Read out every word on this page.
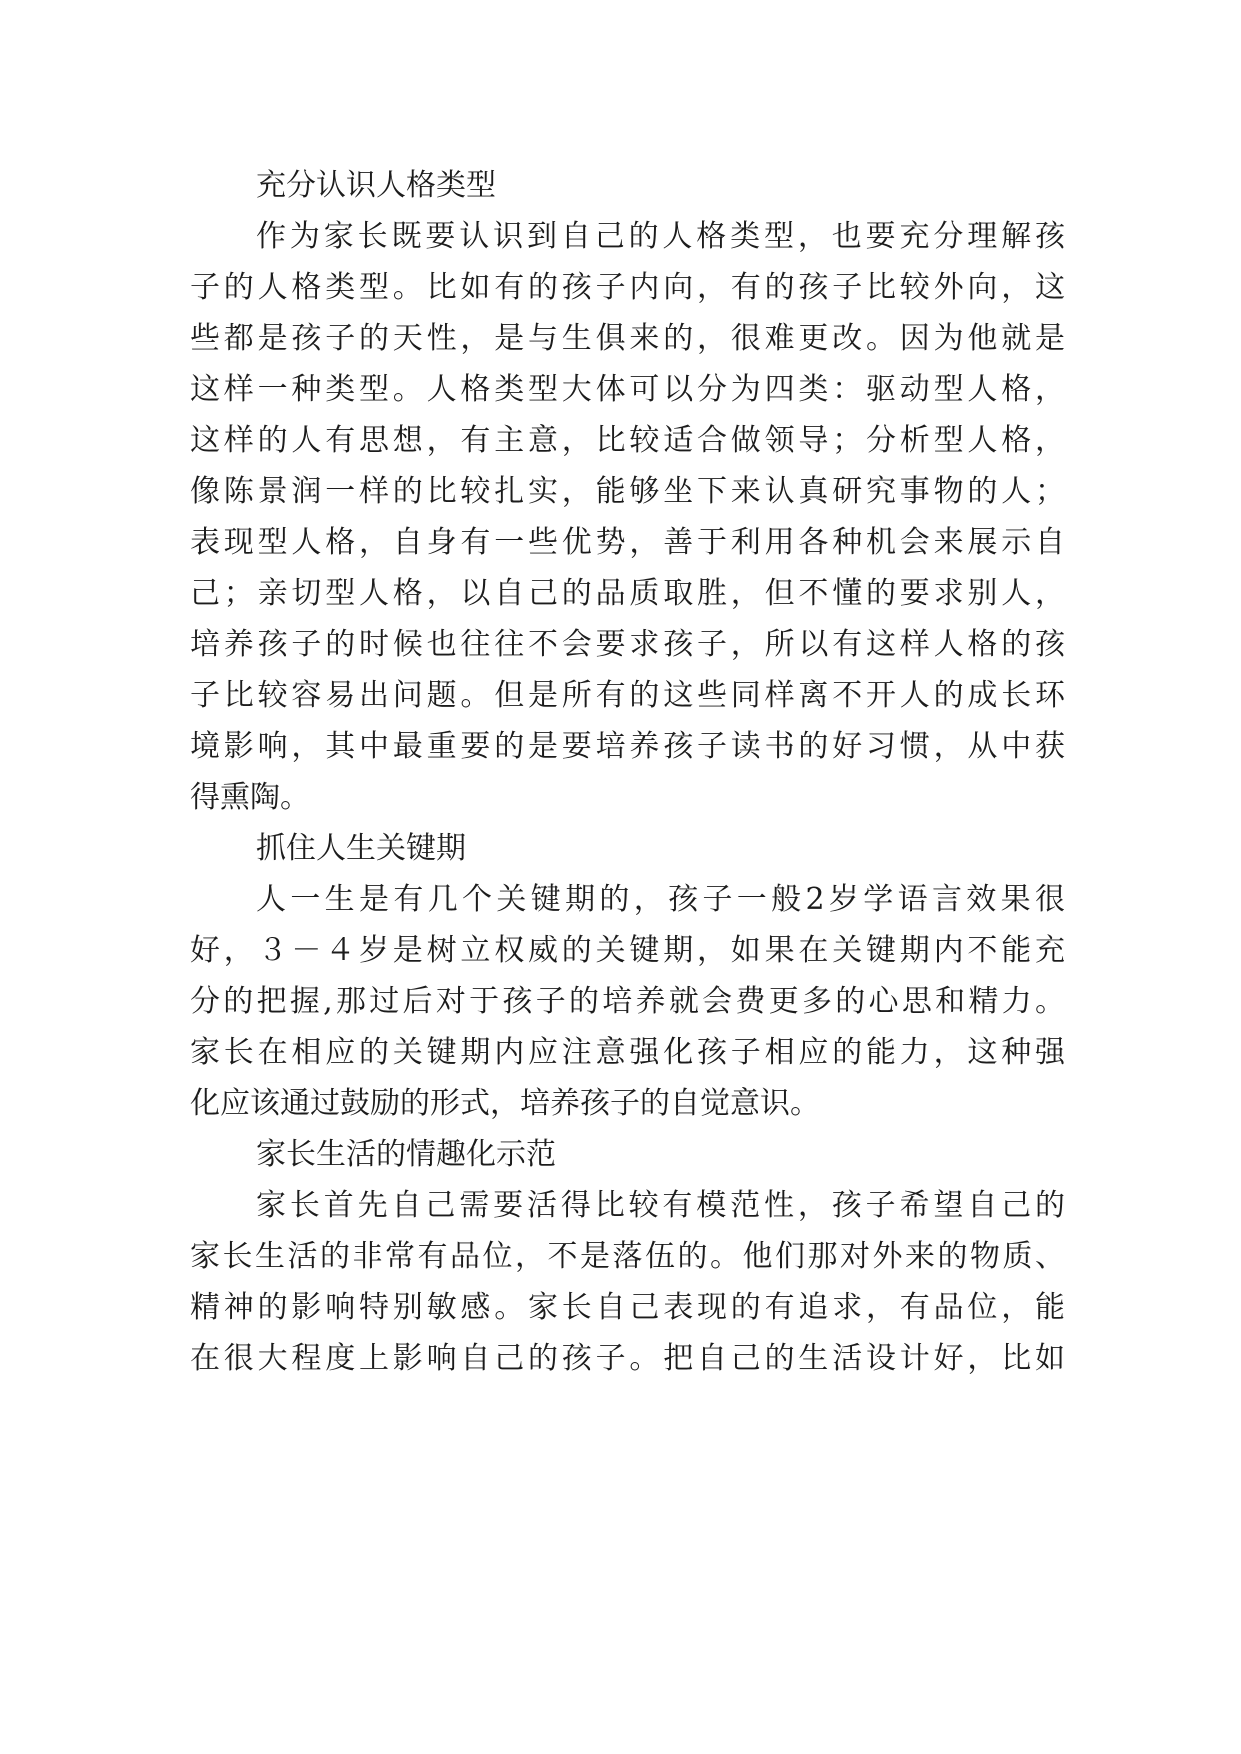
充分认识人格类型
作为家长既要认识到自己的人格类型，也要充分理解孩
子的人格类型。比如有的孩子内向，有的孩子比较外向，这
些都是孩子的天性，是与生俱来的，很难更改。因为他就是
这样一种类型。人格类型大体可以分为四类：驱动型人格，
这样的人有思想，有主意，比较适合做领导；分析型人格，
像陈景润一样的比较扎实，能够坐下来认真研究事物的人；
表现型人格，自身有一些优势，善于利用各种机会来展示自
己；亲切型人格，以自己的品质取胜，但不懂的要求别人，
培养孩子的时候也往往不会要求孩子，所以有这样人格的孩
子比较容易出问题。但是所有的这些同样离不开人的成长环
境影响，其中最重要的是要培养孩子读书的好习惯，从中获
得熏陶。
抓住人生关键期
人一生是有几个关键期的，孩子一般2岁学语言效果很
好，３－４岁是树立权威的关键期，如果在关键期内不能充
分的把握,那过后对于孩子的培养就会费更多的心思和精力。
家长在相应的关键期内应注意强化孩子相应的能力，这种强
化应该通过鼓励的形式，培养孩子的自觉意识。
家长生活的情趣化示范
家长首先自己需要活得比较有模范性，孩子希望自己的
家长生活的非常有品位，不是落伍的。他们那对外来的物质、
精神的影响特别敏感。家长自己表现的有追求，有品位，能
在很大程度上影响自己的孩子。把自己的生活设计好，比如
